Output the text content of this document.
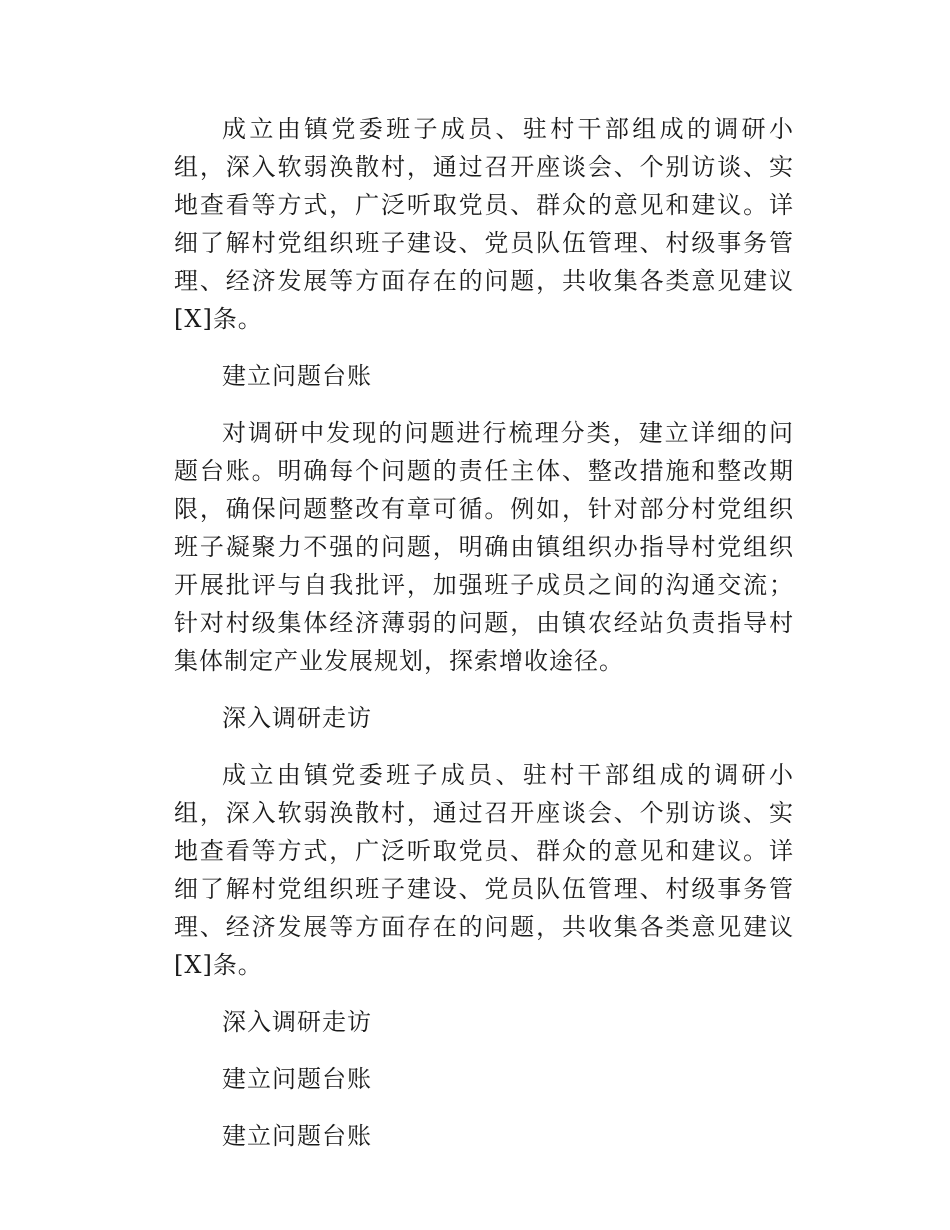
成立由镇党委班子成员、驻村干部组成的调研小组，深入软弱涣散村，通过召开座谈会、个别访谈、实地查看等方式，广泛听取党员、群众的意见和建议。详细了解村党组织班子建设、党员队伍管理、村级事务管理、经济发展等方面存在的问题，共收集各类意见建议[X]条。

建立问题台账

对调研中发现的问题进行梳理分类，建立详细的问题台账。明确每个问题的责任主体、整改措施和整改期限，确保问题整改有章可循。例如，针对部分村党组织班子凝聚力不强的问题，明确由镇组织办指导村党组织开展批评与自我批评，加强班子成员之间的沟通交流；针对村级集体经济薄弱的问题，由镇农经站负责指导村集体制定产业发展规划，探索增收途径。

深入调研走访

成立由镇党委班子成员、驻村干部组成的调研小组，深入软弱涣散村，通过召开座谈会、个别访谈、实地查看等方式，广泛听取党员、群众的意见和建议。详细了解村党组织班子建设、党员队伍管理、村级事务管理、经济发展等方面存在的问题，共收集各类意见建议[X]条。

深入调研走访

建立问题台账

建立问题台账
